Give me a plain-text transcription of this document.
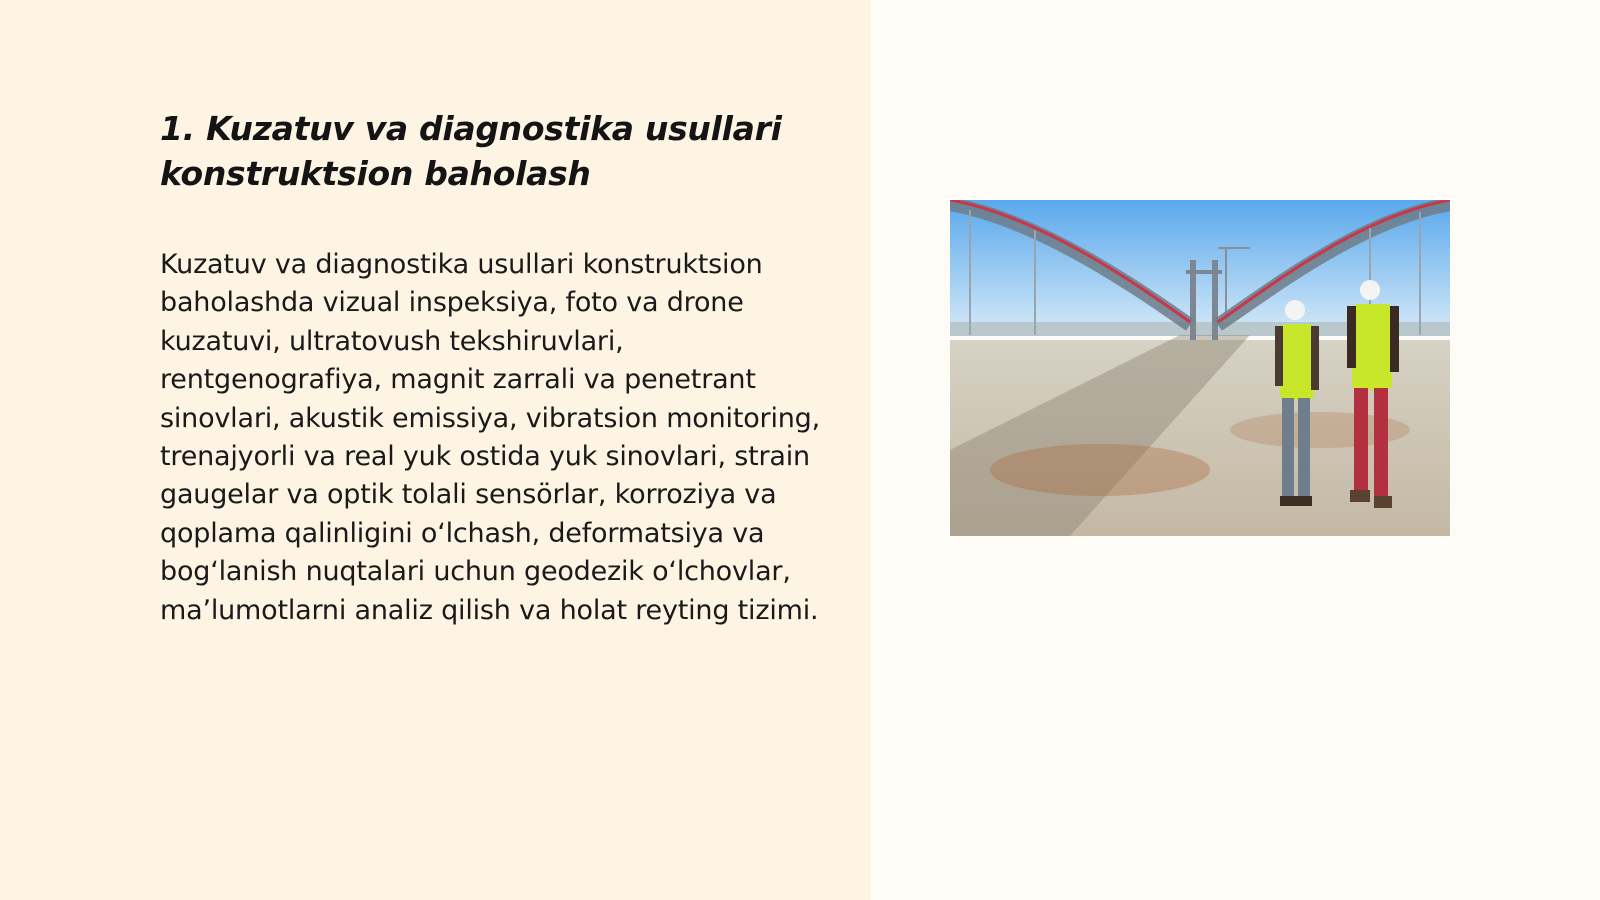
1. Kuzatuv va diagnostika usullari konstruktsion baholash

Kuzatuv va diagnostika usullari konstruktsion baholashda vizual inspeksiya, foto va drone kuzatuvi, ultratovush tekshiruvlari, rentgenografiya, magnit zarrali va penetrant sinovlari, akustik emissiya, vibratsion monitoring, trenajyorli va real yuk ostida yuk sinovlari, strain gaugelar va optik tolali sensörlar, korroziya va qoplama qalinligini oʻlchash, deformatsiya va bogʻlanish nuqtalari uchun geodezik oʻlchovlar, maʼlumotlarni analiz qilish va holat reyting tizimi.
